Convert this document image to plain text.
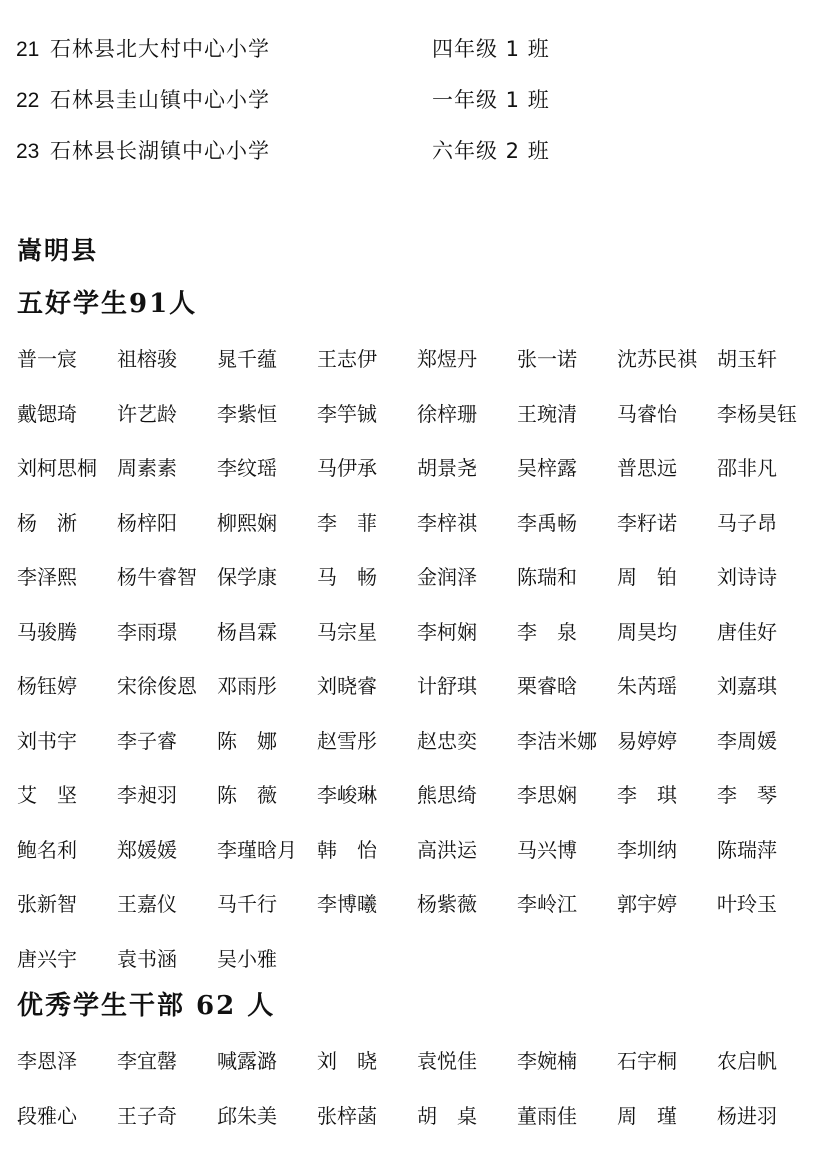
21 石林县北大村中心小学	四年级 1 班
22 石林县圭山镇中心小学	一年级 1 班
23 石林县长湖镇中心小学	六年级 2 班
嵩明县
五好学生91人
普一宸 祖榕骏 晁千蕴 王志伊 郑煜丹 张一诺 沈苏民祺 胡玉轩
戴锶琦 许艺龄 李紫恒 李竽铖 徐梓珊 王琬清 马睿怡 李杨昊钰
刘柯思桐 周素素 李纹瑶 马伊承 胡景尧 吴梓露 普思远 邵非凡
杨　淅 杨梓阳 柳熙娴 李　菲 李梓祺 李禹畅 李籽诺 马子昂
李泽熙 杨牛睿智 保学康 马　畅 金润泽 陈瑞和 周　铂 刘诗诗
马骏腾 李雨璟 杨昌霖 马宗星 李柯娴 李　泉 周昊均 唐佳好
杨钰婷 宋徐俊恩 邓雨彤 刘晓睿 计舒琪 栗睿晗 朱芮瑶 刘嘉琪
刘书宇 李子睿 陈　娜 赵雪彤 赵忠奕 李洁米娜 易婷婷 李周媛
艾　坚 李昶羽 陈　薇 李峻琳 熊思绮 李思娴 李　琪 李　琴
鲍名利 郑媛媛 李瑾晗月 韩　怡 高洪运 马兴博 李圳纳 陈瑞萍
张新智 王嘉仪 马千行 李博曦 杨紫薇 李岭江 郭宇婷 叶玲玉
唐兴宇 袁书涵 吴小雅
优秀学生干部 62 人
李恩泽 李宜罄 喊露潞 刘　晓 袁悦佳 李婉楠 石宇桐 农启帆
段雅心 王子奇 邱朱美 张梓菡 胡　桌 董雨佳 周　瑾 杨进羽
